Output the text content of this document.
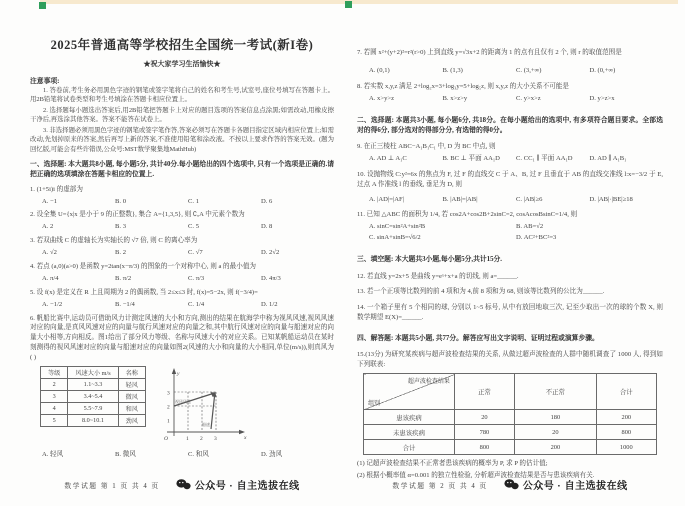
2025年普通高等学校招生全国统一考试(新I卷)
★祝大家学习生活愉快★
注意事项:

1. 答卷前,考生务必用黑色字迹的钢笔或签字笔将自己的姓名和考生号,试室号,座位号填写在答题卡上。用2B铅笔将试卷类型和考生号填涂在答题卡相应位置上。

2. 选择题每小题选出答案后,用2B铅笔把答题卡上对应的题目选项的答案信息点涂黑;如需改动,用橡皮擦干净后,再选涂其他答案。答案不能答在试卷上。

3. 非选择题必须用黑色字迹的钢笔或签字笔作答,答案必须写在答题卡各题目指定区域内相应位置上;如需改动,先划掉原来的答案,然后再写上新的答案,不准使用铅笔和涂改液。不按以上要求作答的答案无效。(题为回忆版,可能会有些许错误,公众号:MST数学聚集地MathHub)

一、选择题: 本大题共8小题, 每小题5分, 共计40分.每小题给出的四个选项中, 只有一个选项是正确的.请把正确的选项填涂在答题卡相应的位置上.
1. (1+5i)i 的虚部为
A. −1	B. 0	C. 1	D. 6
2. 设全集 U={x|x 是小于 9 的正整数}, 集合 A={1,3,5}, 则 ∁ᵤA 中元素个数为
A. 2	B. 3	C. 5	D. 8
3. 若双曲线 C 的虚轴长为实轴长的 √7 倍, 则 C 的离心率为
A. √2	B. 2	C. √7	D. 2√2
4. 若点 (a,0)(a>0) 是函数 y=2tan(x−π/3) 的图象的一个对称中心, 则 a 的最小值为
A. π/4	B. π/2	C. π/3	D. 4π/3
5. 设 f(x) 是定义在 R 上且周期为 2 的偶函数, 当 2≤x≤3 时, f(x)=5−2x, 则 f(−3/4)=
A. −1/2	B. −1/4	C. 1/4	D. 1/2
6. 帆船比赛中,运动员可借助风力计测定风速的大小和方向,测出的结果在航海学中称为视风风速,视风风速对应的向量,是真风风速对应的向量与航行风速对应的向量之和,其中航行风速对应的向量与船速对应的向量大小相等,方向相反。图1给出了部分风力等级、名称与风速大小的对应关系。已知某帆船运动员在某时刻测得的视风风速对应的向量与船速对应的向量如图2(风速的大小和向量的大小相同,单位(m/s)),则真风为( )
等级	风速大小 m/s	名称
2	1.1~3.3	轻风
3	3.4~5.4	微风
4	5.5~7.9	和风
5	8.0~10.1	劲风
y
x
O
3
2
1
1 2 3
视风风速
船速
A. 轻风	B. 微风	C. 和风	D. 劲风
数学试题 第 1 页 共 4 页	公众号 · 自主选拔在线
7. 若圆 x²+(y+2)²=r²(r>0) 上到直线 y=√3x+2 的距离为 1 的点有且仅有 2 个, 则 r 的取值范围是
A. (0,1)	B. (1,3)	C. (3,+∞)	D. (0,+∞)
8. 若实数 x,y,z 满足 2+log₂x=3+log₃y=5+log₅z, 则 x,y,z 的大小关系不可能是
A. x>y>z	B. x>z>y	C. y>x>z	D. y>z>x
二、选择题: 本题共3小题, 每小题6分, 共18分。在每小题给出的选项中, 有多项符合题目要求。全部选对的得6分, 部分选对的得部分分, 有选错的得0分。
9. 在正三棱柱 ABC−A₁B₁C₁ 中, D 为 BC 中点, 则
A. AD ⊥ A₁C	B. BC ⊥ 平面 AA₁D	C. CC₁ ∥ 平面 AA₁D	D. AD ∥ A₁B₁
10. 设抛物线 C:y²=6x 的焦点为 F, 过 F 的直线交 C 于 A、B, 过 F 且垂直于 AB 的直线交准线 l:x=−3/2 于 E, 过点 A 作准线 l 的垂线, 垂足为 D, 则
A. |AD|=|AF|	B. |AB|=|AB|	C. |AB|≥6	D. |AB|·|BE|≥18
11. 已知 △ABC 的面积为 1/4, 若 cos2A+cos2B+2sinC=2, cosAcosBsinC=1/4, 则
A. sinC=sin²A+sin²B	B. AB=√2
C. sinA+sinB=√6/2	D. AC²+BC²=3
三、填空题: 本大题共3小题,每小题5分,共计15分.
12. 若直线 y=2x+5 是曲线 y=eˣ+x+a 的切线, 则 a=______.
13. 若一个正项等比数列的前 4 项和为 4,前 8 项和为 68, 则该等比数列的公比为______.
14. 一个箱子里有 5 个相同的球, 分别以 1~5 标号, 从中有放回地取三次, 记至少取出一次的球的个数 X, 则数学期望 E(X)=______.
四、解答题: 本题共5小题, 共77分。解答应写出文字说明、证明过程或演算步骤。
15.(13分) 为研究某疾病与超声波检查结果的关系, 从做过超声波检查的人群中随机调查了 1000 人, 得到如下列联表:
超声波检查结果
组别	正常	不正常	合计
患该疾病	20	180	200
未患该疾病	780	20	800
合计	800	200	1000
(1) 记超声波检查结果不正常者患该疾病的概率为 P, 求 P 的估计值;
(2) 根据小概率值 α=0.001 的独立性检验, 分析超声波检查结果是否与患该疾病有关.
数学试题 第 2 页 共 4 页	公众号 · 自主选拔在线
